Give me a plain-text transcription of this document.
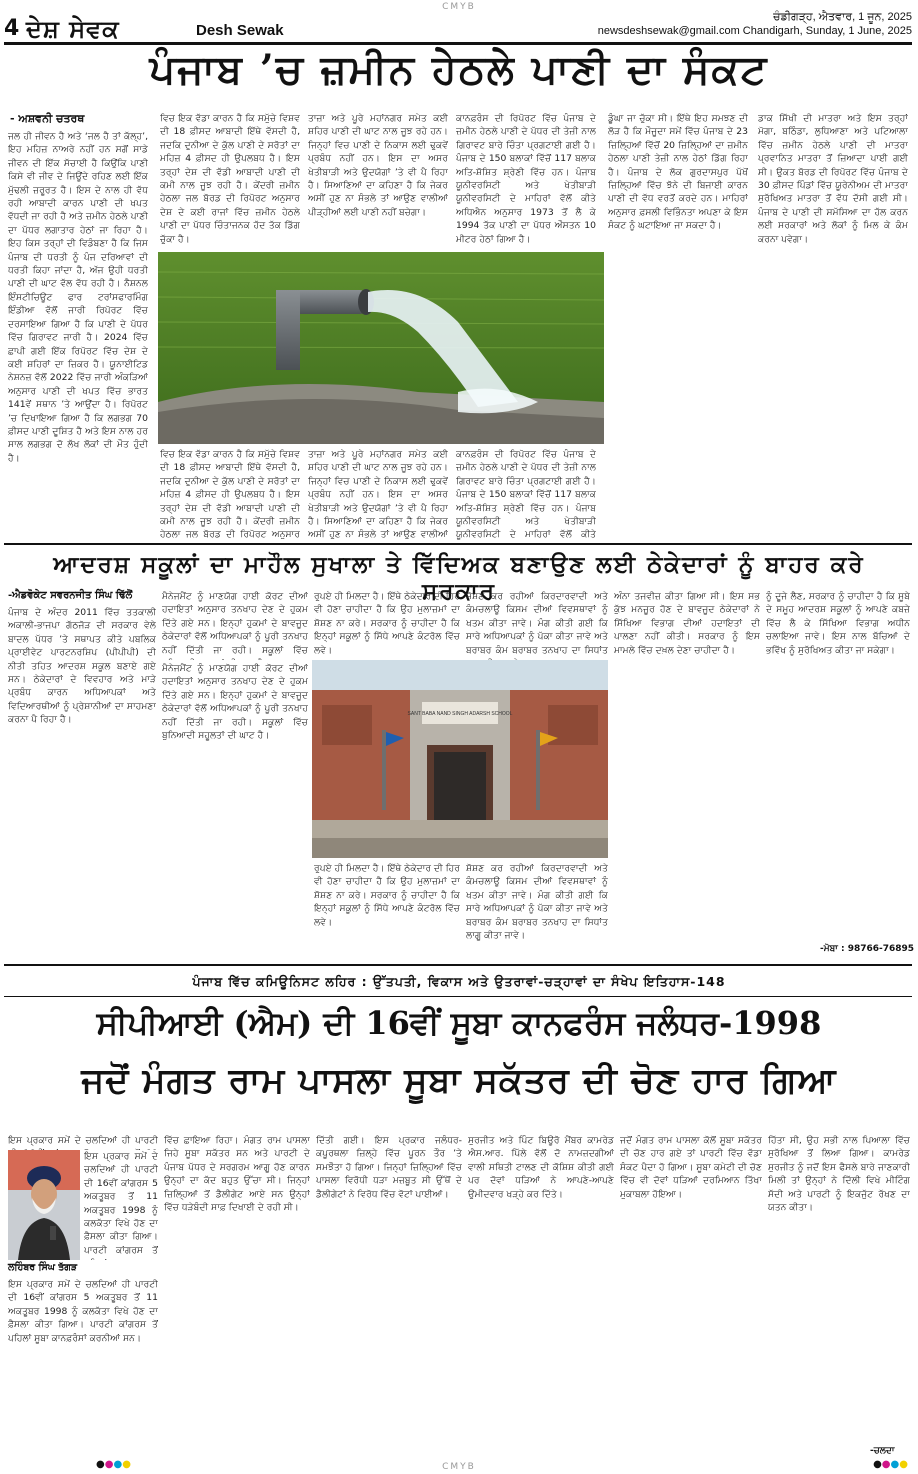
CMYB
CMYB
4 ਦੇਸ਼ ਸੇਵਕ	Desh Sewak
ਚੰਡੀਗੜ੍ਹ, ਐਤਵਾਰ, 1 ਜੂਨ, 2025
newsdeshsewak@gmail.com Chandigarh, Sunday, 1 June, 2025
ਪੰਜਾਬ ’ਚ ਜ਼ਮੀਨ ਹੇਠਲੇ ਪਾਣੀ ਦਾ ਸੰਕਟ
- ਅਸ਼ਵਨੀ ਚਤਰਥ
ਜਲ ਹੀ ਜੀਵਨ ਹੈ ਅਤੇ ‘ਜਲ ਹੈ ਤਾਂ ਕੱਲ੍ਹ’, ਇਹ ਮਹਿਜ਼ ਨਾਅਰੇ ਨਹੀਂ ਹਨ ਸਗੋਂ ਸਾਡੇ ਜੀਵਨ ਦੀ ਇੱਕ ਸੱਚਾਈ ਹੈ ਕਿਉਂਕਿ ਪਾਣੀ ਕਿਸੇ ਵੀ ਜੀਵ ਦੇ ਜਿਊਂਦੇ ਰਹਿਣ ਲਈ ਇੱਕ ਮੁੱਢਲੀ ਜ਼ਰੂਰਤ ਹੈ। ਇਸ ਦੇ ਨਾਲ ਹੀ ਵੱਧ ਰਹੀ ਆਬਾਦੀ ਕਾਰਨ ਪਾਣੀ ਦੀ ਖਪਤ ਵੱਧਦੀ ਜਾ ਰਹੀ ਹੈ ਅਤੇ ਜ਼ਮੀਨ ਹੇਠਲੇ ਪਾਣੀ ਦਾ ਪੱਧਰ ਲਗਾਤਾਰ ਹੇਠਾਂ ਜਾ ਰਿਹਾ ਹੈ। ਇਹ ਕਿਸ ਤਰ੍ਹਾਂ ਦੀ ਵਿਡੰਬਣਾ ਹੈ ਕਿ ਜਿਸ ਪੰਜਾਬ ਦੀ ਧਰਤੀ ਨੂੰ ਪੰਜ ਦਰਿਆਵਾਂ ਦੀ ਧਰਤੀ ਕਿਹਾ ਜਾਂਦਾ ਹੈ, ਅੱਜ ਉਹੀ ਧਰਤੀ ਪਾਣੀ ਦੀ ਘਾਟ ਵੱਲ ਵੱਧ ਰਹੀ ਹੈ। ਨੈਸ਼ਨਲ ਇੰਸਟੀਚਿਊਟ ਫਾਰ ਟਰਾਂਸਫਾਰਮਿੰਗ ਇੰਡੀਆ ਵੱਲੋਂ ਜਾਰੀ ਰਿਪੋਰਟ ਵਿੱਚ ਦਰਸਾਇਆ ਗਿਆ ਹੈ ਕਿ ਪਾਣੀ ਦੇ ਪੱਧਰ ਵਿੱਚ ਗਿਰਾਵਟ ਜਾਰੀ ਹੈ। 2024 ਵਿੱਚ ਛਾਪੀ ਗਈ ਇੱਕ ਰਿਪੋਰਟ ਵਿੱਚ ਦੇਸ਼ ਦੇ ਕਈ ਸ਼ਹਿਰਾਂ ਦਾ ਜ਼ਿਕਰ ਹੈ। ਯੂਨਾਈਟਿਡ ਨੇਸ਼ਨਜ਼ ਵੱਲੋਂ 2022 ਵਿੱਚ ਜਾਰੀ ਅੰਕੜਿਆਂ ਅਨੁਸਾਰ ਪਾਣੀ ਦੀ ਖਪਤ ਵਿੱਚ ਭਾਰਤ 141ਵੇਂ ਸਥਾਨ ’ਤੇ ਆਉਂਦਾ ਹੈ। ਰਿਪੋਰਟ ’ਚ ਦਿਖਾਇਆ ਗਿਆ ਹੈ ਕਿ ਲਗਭਗ 70 ਫ਼ੀਸਦ ਪਾਣੀ ਦੂਸ਼ਿਤ ਹੈ ਅਤੇ ਇਸ ਨਾਲ ਹਰ ਸਾਲ ਲਗਭਗ ਦੋ ਲੱਖ ਲੋਕਾਂ ਦੀ ਮੌਤ ਹੁੰਦੀ ਹੈ।
ਵਿਚ ਇਕ ਵੱਡਾ ਕਾਰਨ ਹੈ ਕਿ ਸਮੁੱਚੇ ਵਿਸ਼ਵ ਦੀ 18 ਫ਼ੀਸਦ ਆਬਾਦੀ ਇੱਥੇ ਵੱਸਦੀ ਹੈ, ਜਦਕਿ ਦੁਨੀਆ ਦੇ ਕੁੱਲ ਪਾਣੀ ਦੇ ਸਰੋਤਾਂ ਦਾ ਮਹਿਜ਼ 4 ਫ਼ੀਸਦ ਹੀ ਉਪਲਬਧ ਹੈ। ਇਸ ਤਰ੍ਹਾਂ ਦੇਸ਼ ਦੀ ਵੱਡੀ ਆਬਾਦੀ ਪਾਣੀ ਦੀ ਕਮੀ ਨਾਲ ਜੂਝ ਰਹੀ ਹੈ। ਕੇਂਦਰੀ ਜ਼ਮੀਨ ਹੇਠਲਾ ਜਲ ਬੋਰਡ ਦੀ ਰਿਪੋਰਟ ਅਨੁਸਾਰ ਦੇਸ਼ ਦੇ ਕਈ ਰਾਜਾਂ ਵਿੱਚ ਜ਼ਮੀਨ ਹੇਠਲੇ ਪਾਣੀ ਦਾ ਪੱਧਰ ਚਿੰਤਾਜਨਕ ਹੱਦ ਤੱਕ ਡਿੱਗ ਚੁੱਕਾ ਹੈ।
ਤਾਜ਼ਾ ਅਤੇ ਪੂਰੇ ਮਹਾਂਨਗਰ ਸਮੇਤ ਕਈ ਸ਼ਹਿਰ ਪਾਣੀ ਦੀ ਘਾਟ ਨਾਲ ਜੂਝ ਰਹੇ ਹਨ। ਜਿਨ੍ਹਾਂ ਵਿਚ ਪਾਣੀ ਦੇ ਨਿਕਾਸ ਲਈ ਢੁਕਵੇਂ ਪ੍ਰਬੰਧ ਨਹੀਂ ਹਨ। ਇਸ ਦਾ ਅਸਰ ਖੇਤੀਬਾੜੀ ਅਤੇ ਉਦਯੋਗਾਂ ’ਤੇ ਵੀ ਪੈ ਰਿਹਾ ਹੈ। ਸਿਆਣਿਆਂ ਦਾ ਕਹਿਣਾ ਹੈ ਕਿ ਜੇਕਰ ਅਸੀਂ ਹੁਣ ਨਾ ਸੰਭਲੇ ਤਾਂ ਆਉਣ ਵਾਲੀਆਂ ਪੀੜ੍ਹੀਆਂ ਲਈ ਪਾਣੀ ਨਹੀਂ ਬਚੇਗਾ।
ਕਾਨਫ਼ਰੰਸ ਦੀ ਰਿਪੋਰਟ ਵਿੱਚ ਪੰਜਾਬ ਦੇ ਜ਼ਮੀਨ ਹੇਠਲੇ ਪਾਣੀ ਦੇ ਪੱਧਰ ਦੀ ਤੇਜ਼ੀ ਨਾਲ ਗਿਰਾਵਟ ਬਾਰੇ ਚਿੰਤਾ ਪ੍ਰਗਟਾਈ ਗਈ ਹੈ। ਪੰਜਾਬ ਦੇ 150 ਬਲਾਕਾਂ ਵਿੱਚੋਂ 117 ਬਲਾਕ ਅਤਿ-ਸ਼ੋਸ਼ਿਤ ਸ਼੍ਰੇਣੀ ਵਿੱਚ ਹਨ। ਪੰਜਾਬ ਯੂਨੀਵਰਸਿਟੀ ਅਤੇ ਖੇਤੀਬਾੜੀ ਯੂਨੀਵਰਸਿਟੀ ਦੇ ਮਾਹਿਰਾਂ ਵੱਲੋਂ ਕੀਤੇ ਅਧਿਐਨ ਅਨੁਸਾਰ 1973 ਤੋਂ ਲੈ ਕੇ 1994 ਤੱਕ ਪਾਣੀ ਦਾ ਪੱਧਰ ਔਸਤਨ 10 ਮੀਟਰ ਹੇਠਾਂ ਗਿਆ ਹੈ।
ਡੂੰਘਾ ਜਾ ਚੁੱਕਾ ਸੀ। ਇੱਥੇ ਇਹ ਸਮਝਣ ਦੀ ਲੋੜ ਹੈ ਕਿ ਮੌਜੂਦਾ ਸਮੇਂ ਵਿੱਚ ਪੰਜਾਬ ਦੇ 23 ਜ਼ਿਲ੍ਹਿਆਂ ਵਿੱਚੋਂ 20 ਜ਼ਿਲ੍ਹਿਆਂ ਦਾ ਜ਼ਮੀਨ ਹੇਠਲਾ ਪਾਣੀ ਤੇਜ਼ੀ ਨਾਲ ਹੇਠਾਂ ਡਿੱਗ ਰਿਹਾ ਹੈ। ਪੰਜਾਬ ਦੇ ਲੋਕ ਗੁਰਦਾਸਪੁਰ ਪੱਖੋਂ ਜ਼ਿਲ੍ਹਿਆਂ ਵਿੱਚ ਝੋਨੇ ਦੀ ਬਿਜਾਈ ਕਾਰਨ ਪਾਣੀ ਦੀ ਵੱਧ ਵਰਤੋਂ ਕਰਦੇ ਹਨ। ਮਾਹਿਰਾਂ ਅਨੁਸਾਰ ਫ਼ਸਲੀ ਵਿਭਿੰਨਤਾ ਅਪਣਾ ਕੇ ਇਸ ਸੰਕਟ ਨੂੰ ਘਟਾਇਆ ਜਾ ਸਕਦਾ ਹੈ।
ਡਾਕ ਸਿੱਖੀ ਦੀ ਮਾਤਰਾ ਅਤੇ ਇਸ ਤਰ੍ਹਾਂ ਮੋਗਾ, ਬਠਿੰਡਾ, ਲੁਧਿਆਣਾ ਅਤੇ ਪਟਿਆਲਾ ਵਿੱਚ ਜ਼ਮੀਨ ਹੇਠਲੇ ਪਾਣੀ ਦੀ ਮਾਤਰਾ ਪ੍ਰਵਾਨਿਤ ਮਾਤਰਾ ਤੋਂ ਜ਼ਿਆਦਾ ਪਾਈ ਗਈ ਸੀ। ਉਕਤ ਬੋਰਡ ਦੀ ਰਿਪੋਰਟ ਵਿੱਚ ਪੰਜਾਬ ਦੇ 30 ਫ਼ੀਸਦ ਪਿੰਡਾਂ ਵਿੱਚ ਯੂਰੇਨੀਅਮ ਦੀ ਮਾਤਰਾ ਸੁਰੱਖਿਅਤ ਮਾਤਰਾ ਤੋਂ ਵੱਧ ਦੱਸੀ ਗਈ ਸੀ। ਪੰਜਾਬ ਦੇ ਪਾਣੀ ਦੀ ਸਮੱਸਿਆ ਦਾ ਹੱਲ ਕਰਨ ਲਈ ਸਰਕਾਰਾਂ ਅਤੇ ਲੋਕਾਂ ਨੂੰ ਮਿਲ ਕੇ ਕੰਮ ਕਰਨਾ ਪਵੇਗਾ।
ਵਿਚ ਇਕ ਵੱਡਾ ਕਾਰਨ ਹੈ ਕਿ ਸਮੁੱਚੇ ਵਿਸ਼ਵ ਦੀ 18 ਫ਼ੀਸਦ ਆਬਾਦੀ ਇੱਥੇ ਵੱਸਦੀ ਹੈ, ਜਦਕਿ ਦੁਨੀਆ ਦੇ ਕੁੱਲ ਪਾਣੀ ਦੇ ਸਰੋਤਾਂ ਦਾ ਮਹਿਜ਼ 4 ਫ਼ੀਸਦ ਹੀ ਉਪਲਬਧ ਹੈ। ਇਸ ਤਰ੍ਹਾਂ ਦੇਸ਼ ਦੀ ਵੱਡੀ ਆਬਾਦੀ ਪਾਣੀ ਦੀ ਕਮੀ ਨਾਲ ਜੂਝ ਰਹੀ ਹੈ। ਕੇਂਦਰੀ ਜ਼ਮੀਨ ਹੇਠਲਾ ਜਲ ਬੋਰਡ ਦੀ ਰਿਪੋਰਟ ਅਨੁਸਾਰ
ਤਾਜ਼ਾ ਅਤੇ ਪੂਰੇ ਮਹਾਂਨਗਰ ਸਮੇਤ ਕਈ ਸ਼ਹਿਰ ਪਾਣੀ ਦੀ ਘਾਟ ਨਾਲ ਜੂਝ ਰਹੇ ਹਨ। ਜਿਨ੍ਹਾਂ ਵਿਚ ਪਾਣੀ ਦੇ ਨਿਕਾਸ ਲਈ ਢੁਕਵੇਂ ਪ੍ਰਬੰਧ ਨਹੀਂ ਹਨ। ਇਸ ਦਾ ਅਸਰ ਖੇਤੀਬਾੜੀ ਅਤੇ ਉਦਯੋਗਾਂ ’ਤੇ ਵੀ ਪੈ ਰਿਹਾ ਹੈ। ਸਿਆਣਿਆਂ ਦਾ ਕਹਿਣਾ ਹੈ ਕਿ ਜੇਕਰ ਅਸੀਂ ਹੁਣ ਨਾ ਸੰਭਲੇ ਤਾਂ ਆਉਣ ਵਾਲੀਆਂ
ਕਾਨਫ਼ਰੰਸ ਦੀ ਰਿਪੋਰਟ ਵਿੱਚ ਪੰਜਾਬ ਦੇ ਜ਼ਮੀਨ ਹੇਠਲੇ ਪਾਣੀ ਦੇ ਪੱਧਰ ਦੀ ਤੇਜ਼ੀ ਨਾਲ ਗਿਰਾਵਟ ਬਾਰੇ ਚਿੰਤਾ ਪ੍ਰਗਟਾਈ ਗਈ ਹੈ। ਪੰਜਾਬ ਦੇ 150 ਬਲਾਕਾਂ ਵਿੱਚੋਂ 117 ਬਲਾਕ ਅਤਿ-ਸ਼ੋਸ਼ਿਤ ਸ਼੍ਰੇਣੀ ਵਿੱਚ ਹਨ। ਪੰਜਾਬ ਯੂਨੀਵਰਸਿਟੀ ਅਤੇ ਖੇਤੀਬਾੜੀ ਯੂਨੀਵਰਸਿਟੀ ਦੇ ਮਾਹਿਰਾਂ ਵੱਲੋਂ ਕੀਤੇ
ਆਦਰਸ਼ ਸਕੂਲਾਂ ਦਾ ਮਾਹੌਲ ਸੁਖਾਲਾ ਤੇ ਵਿੱਦਿਅਕ ਬਣਾਉਣ ਲਈ ਠੇਕੇਦਾਰਾਂ ਨੂੰ ਬਾਹਰ ਕਰੇ ਸਰਕਾਰ
-ਐਡਵੋਕੇਟ ਸਵਰਨਜੀਤ ਸਿੰਘ ਢਿੱਲੋਂ
ਪੰਜਾਬ ਦੇ ਅੰਦਰ 2011 ਵਿੱਚ ਤਤਕਾਲੀ ਅਕਾਲੀ-ਭਾਜਪਾ ਗੱਠਜੋੜ ਦੀ ਸਰਕਾਰ ਵੇਲੇ ਬਾਦਲ ਪੱਧਰ ’ਤੇ ਸਥਾਪਤ ਕੀਤੇ ਪਬਲਿਕ ਪ੍ਰਾਈਵੇਟ ਪਾਰਟਨਰਸ਼ਿਪ (ਪੀਪੀਪੀ) ਦੀ ਨੀਤੀ ਤਹਿਤ ਆਦਰਸ਼ ਸਕੂਲ ਬਣਾਏ ਗਏ ਸਨ। ਠੇਕੇਦਾਰਾਂ ਦੇ ਵਿਵਹਾਰ ਅਤੇ ਮਾੜੇ ਪ੍ਰਬੰਧ ਕਾਰਨ ਅਧਿਆਪਕਾਂ ਅਤੇ ਵਿਦਿਆਰਥੀਆਂ ਨੂੰ ਪ੍ਰੇਸ਼ਾਨੀਆਂ ਦਾ ਸਾਹਮਣਾ ਕਰਨਾ ਪੈ ਰਿਹਾ ਹੈ।
ਮੈਨੇਜਮੈਂਟ ਨੂੰ ਮਾਣਯੋਗ ਹਾਈ ਕੋਰਟ ਦੀਆਂ ਹਦਾਇਤਾਂ ਅਨੁਸਾਰ ਤਨਖਾਹ ਦੇਣ ਦੇ ਹੁਕਮ ਦਿੱਤੇ ਗਏ ਸਨ। ਇਨ੍ਹਾਂ ਹੁਕਮਾਂ ਦੇ ਬਾਵਜੂਦ ਠੇਕੇਦਾਰਾਂ ਵੱਲੋਂ ਅਧਿਆਪਕਾਂ ਨੂੰ ਪੂਰੀ ਤਨਖਾਹ ਨਹੀਂ ਦਿੱਤੀ ਜਾ ਰਹੀ। ਸਕੂਲਾਂ ਵਿੱਚ
ਰੁਪਏ ਹੀ ਮਿਲਦਾ ਹੈ। ਇੱਥੇ ਠੇਕੇਦਾਰ ਦੀ ਹਿਰ ਵੀ ਹੋਣਾ ਚਾਹੀਦਾ ਹੈ ਕਿ ਉਹ ਮੁਲਾਜ਼ਮਾਂ ਦਾ ਸ਼ੋਸ਼ਣ ਨਾ ਕਰੇ। ਸਰਕਾਰ ਨੂੰ ਚਾਹੀਦਾ ਹੈ ਕਿ ਇਨ੍ਹਾਂ ਸਕੂਲਾਂ ਨੂੰ ਸਿੱਧੇ ਆਪਣੇ ਕੰਟਰੋਲ ਵਿੱਚ ਲਵੇ।
ਸ਼ੋਸ਼ਣ ਕਰ ਰਹੀਆਂ ਕਿਰਦਾਰਵਾਦੀ ਅਤੇ ਕੰਮਚਲਾਊ ਕਿਸਮ ਦੀਆਂ ਵਿਵਸਥਾਵਾਂ ਨੂੰ ਖਤਮ ਕੀਤਾ ਜਾਵੇ। ਮੰਗ ਕੀਤੀ ਗਈ ਕਿ ਸਾਰੇ ਅਧਿਆਪਕਾਂ ਨੂੰ ਪੱਕਾ ਕੀਤਾ ਜਾਵੇ ਅਤੇ ਬਰਾਬਰ ਕੰਮ ਬਰਾਬਰ ਤਨਖਾਹ ਦਾ ਸਿਧਾਂਤ
ਅੰਨਾ ਤਜਵੀਜ਼ ਕੀਤਾ ਗਿਆ ਸੀ। ਇਸ ਸਭ ਕੁੱਝ ਮਨਜ਼ੂਰ ਹੋਣ ਦੇ ਬਾਵਜੂਦ ਠੇਕੇਦਾਰਾਂ ਨੇ ਸਿੱਖਿਆ ਵਿਭਾਗ ਦੀਆਂ ਹਦਾਇਤਾਂ ਦੀ ਪਾਲਣਾ ਨਹੀਂ ਕੀਤੀ। ਸਰਕਾਰ ਨੂੰ ਇਸ ਮਾਮਲੇ ਵਿੱਚ ਦਖ਼ਲ ਦੇਣਾ ਚਾਹੀਦਾ ਹੈ।
ਨੂੰ ਦੂਜੇ ਲੈਣ, ਸਰਕਾਰ ਨੂੰ ਚਾਹੀਦਾ ਹੈ ਕਿ ਸੂਬੇ ਦੇ ਸਮੂਹ ਆਦਰਸ਼ ਸਕੂਲਾਂ ਨੂੰ ਆਪਣੇ ਕਬਜ਼ੇ ਵਿੱਚ ਲੈ ਕੇ ਸਿੱਖਿਆ ਵਿਭਾਗ ਅਧੀਨ ਚਲਾਇਆ ਜਾਵੇ। ਇਸ ਨਾਲ ਬੱਚਿਆਂ ਦੇ ਭਵਿੱਖ ਨੂੰ ਸੁਰੱਖਿਅਤ ਕੀਤਾ ਜਾ ਸਕੇਗਾ।
ਮੈਨੇਜਮੈਂਟ ਨੂੰ ਮਾਣਯੋਗ ਹਾਈ ਕੋਰਟ ਦੀਆਂ ਹਦਾਇਤਾਂ ਅਨੁਸਾਰ ਤਨਖਾਹ ਦੇਣ ਦੇ ਹੁਕਮ ਦਿੱਤੇ ਗਏ ਸਨ। ਇਨ੍ਹਾਂ ਹੁਕਮਾਂ ਦੇ ਬਾਵਜੂਦ ਠੇਕੇਦਾਰਾਂ ਵੱਲੋਂ ਅਧਿਆਪਕਾਂ ਨੂੰ ਪੂਰੀ ਤਨਖਾਹ ਨਹੀਂ ਦਿੱਤੀ ਜਾ ਰਹੀ। ਸਕੂਲਾਂ ਵਿੱਚ ਬੁਨਿਆਦੀ ਸਹੂਲਤਾਂ ਦੀ ਘਾਟ ਹੈ।
ਰੁਪਏ ਹੀ ਮਿਲਦਾ ਹੈ। ਇੱਥੇ ਠੇਕੇਦਾਰ ਦੀ ਹਿਰ ਵੀ ਹੋਣਾ ਚਾਹੀਦਾ ਹੈ ਕਿ ਉਹ ਮੁਲਾਜ਼ਮਾਂ ਦਾ ਸ਼ੋਸ਼ਣ ਨਾ ਕਰੇ। ਸਰਕਾਰ ਨੂੰ ਚਾਹੀਦਾ ਹੈ ਕਿ ਇਨ੍ਹਾਂ ਸਕੂਲਾਂ ਨੂੰ ਸਿੱਧੇ ਆਪਣੇ ਕੰਟਰੋਲ ਵਿੱਚ ਲਵੇ।
ਸ਼ੋਸ਼ਣ ਕਰ ਰਹੀਆਂ ਕਿਰਦਾਰਵਾਦੀ ਅਤੇ ਕੰਮਚਲਾਊ ਕਿਸਮ ਦੀਆਂ ਵਿਵਸਥਾਵਾਂ ਨੂੰ ਖਤਮ ਕੀਤਾ ਜਾਵੇ। ਮੰਗ ਕੀਤੀ ਗਈ ਕਿ ਸਾਰੇ ਅਧਿਆਪਕਾਂ ਨੂੰ ਪੱਕਾ ਕੀਤਾ ਜਾਵੇ ਅਤੇ ਬਰਾਬਰ ਕੰਮ ਬਰਾਬਰ ਤਨਖਾਹ ਦਾ ਸਿਧਾਂਤ ਲਾਗੂ ਕੀਤਾ ਜਾਵੇ।
-ਮੋਬਾ : 98766-76895
SANT BABA NAND SINGH ADARSH SCHOOL
ਪੰਜਾਬ ਵਿੱਚ ਕਮਿਊਨਿਸਟ ਲਹਿਰ : ਉੱਤਪਤੀ, ਵਿਕਾਸ ਅਤੇ ਉਤਰਾਵਾਂ-ਚੜ੍ਹਾਵਾਂ ਦਾ ਸੰਖੇਪ ਇਤਿਹਾਸ-148
ਸੀਪੀਆਈ (ਐਮ) ਦੀ 16ਵੀਂ ਸੂਬਾ ਕਾਨਫਰੰਸ ਜਲੰਧਰ-1998
ਜਦੋਂ ਮੰਗਤ ਰਾਮ ਪਾਸਲਾ ਸੂਬਾ ਸਕੱਤਰ ਦੀ ਚੋਣ ਹਾਰ ਗਿਆ
ਲਹਿੰਬਰ ਸਿੰਘ ਤੱਗੜ
ਇਸ ਪ੍ਰਕਾਰ ਸਮੇਂ ਦੇ ਚਲਦਿਆਂ ਹੀ ਪਾਰਟੀ
ਇਸ ਪ੍ਰਕਾਰ ਸਮੇਂ ਦੇ ਚਲਦਿਆਂ ਹੀ ਪਾਰਟੀ ਦੀ 16ਵੀਂ ਕਾਂਗਰਸ 5 ਅਕਤੂਬਰ ਤੋਂ 11 ਅਕਤੂਬਰ 1998 ਨੂੰ ਕਲਕੱਤਾ ਵਿਖੇ ਹੋਣ ਦਾ ਫ਼ੈਸਲਾ ਕੀਤਾ ਗਿਆ। ਪਾਰਟੀ ਕਾਂਗਰਸ ਤੋਂ
ਇਸ ਪ੍ਰਕਾਰ ਸਮੇਂ ਦੇ ਚਲਦਿਆਂ ਹੀ ਪਾਰਟੀ ਦੀ 16ਵੀਂ ਕਾਂਗਰਸ 5 ਅਕਤੂਬਰ ਤੋਂ 11 ਅਕਤੂਬਰ 1998 ਨੂੰ ਕਲਕੱਤਾ ਵਿਖੇ ਹੋਣ ਦਾ ਫ਼ੈਸਲਾ ਕੀਤਾ ਗਿਆ। ਪਾਰਟੀ ਕਾਂਗਰਸ ਤੋਂ ਪਹਿਲਾਂ ਸੂਬਾ ਕਾਨਫ਼ਰੰਸਾਂ ਕਰਨੀਆਂ ਸਨ।
ਵਿੱਚ ਛਾਇਆ ਰਿਹਾ। ਮੰਗਤ ਰਾਮ ਪਾਸਲਾ ਜਿਹੇ ਸੂਬਾ ਸਕੱਤਰ ਸਨ ਅਤੇ ਪਾਰਟੀ ਦੇ ਪੰਜਾਬ ਪੱਧਰ ਦੇ ਸਰਗਰਮ ਆਗੂ ਹੋਣ ਕਾਰਨ ਉਨ੍ਹਾਂ ਦਾ ਕੱਦ ਬਹੁਤ ਉੱਚਾ ਸੀ। ਜਿਨ੍ਹਾਂ ਜ਼ਿਲ੍ਹਿਆਂ ਤੋਂ ਡੈਲੀਗੇਟ ਆਏ ਸਨ ਉਨ੍ਹਾਂ ਵਿੱਚ ਧੜੇਬੰਦੀ ਸਾਫ਼ ਦਿਖਾਈ ਦੇ ਰਹੀ ਸੀ।
ਦਿੱਤੀ ਗਈ। ਇਸ ਪ੍ਰਕਾਰ ਜਲੰਧਰ-ਕਪੂਰਥਲਾ ਜ਼ਿਲ੍ਹੇ ਵਿੱਚ ਪੂਰਨ ਤੌਰ ’ਤੇ ਸਮਝੌਤਾ ਹੋ ਗਿਆ। ਜਿਨ੍ਹਾਂ ਜ਼ਿਲ੍ਹਿਆਂ ਵਿੱਚ ਪਾਸਲਾ ਵਿਰੋਧੀ ਧੜਾ ਮਜ਼ਬੂਤ ਸੀ ਉੱਥੋਂ ਦੇ ਡੈਲੀਗੇਟਾਂ ਨੇ ਵਿਰੋਧ ਵਿੱਚ ਵੋਟਾਂ ਪਾਈਆਂ।
ਸੁਰਜੀਤ ਅਤੇ ਪਿੰਟ ਬਿਊਰੋ ਮੈਂਬਰ ਕਾਮਰੇਡ ਐਸ.ਆਰ. ਪਿੱਲੇ ਵੱਲੋਂ ਦੋ ਨਾਮਜ਼ਦਗੀਆਂ ਵਾਲੀ ਸਥਿਤੀ ਟਾਲਣ ਦੀ ਕੋਸ਼ਿਸ਼ ਕੀਤੀ ਗਈ ਪਰ ਦੋਵਾਂ ਧੜਿਆਂ ਨੇ ਆਪਣੇ-ਆਪਣੇ ਉਮੀਦਵਾਰ ਖੜ੍ਹੇ ਕਰ ਦਿੱਤੇ।
ਜਦੋਂ ਮੰਗਤ ਰਾਮ ਪਾਸਲਾ ਕੋਲੋਂ ਸੂਬਾ ਸਕੱਤਰ ਦੀ ਚੋਣ ਹਾਰ ਗਏ ਤਾਂ ਪਾਰਟੀ ਵਿੱਚ ਵੱਡਾ ਸੰਕਟ ਪੈਦਾ ਹੋ ਗਿਆ। ਸੂਬਾ ਕਮੇਟੀ ਦੀ ਚੋਣ ਵਿੱਚ ਵੀ ਦੋਵਾਂ ਧੜਿਆਂ ਦਰਮਿਆਨ ਤਿੱਖਾ ਮੁਕਾਬਲਾ ਹੋਇਆ।
ਹਿੱਤਾ ਸੀ, ਉਹ ਸਭੀ ਨਾਲ ਪਿਆਲਾ ਵਿੱਚ ਸੁਰੱਖਿਆ ਤੋਂ ਲਿਆ ਗਿਆ। ਕਾਮਰੇਡ ਸੁਰਜੀਤ ਨੂੰ ਜਦੋਂ ਇਸ ਫੈਸਲੇ ਬਾਰੇ ਜਾਣਕਾਰੀ ਮਿਲੀ ਤਾਂ ਉਨ੍ਹਾਂ ਨੇ ਦਿੱਲੀ ਵਿਖੇ ਮੀਟਿੰਗ ਸੱਦੀ ਅਤੇ ਪਾਰਟੀ ਨੂੰ ਇਕਜੁੱਟ ਰੱਖਣ ਦਾ ਯਤਨ ਕੀਤਾ।
-ਚਲਦਾ
●●●●	●●●●
